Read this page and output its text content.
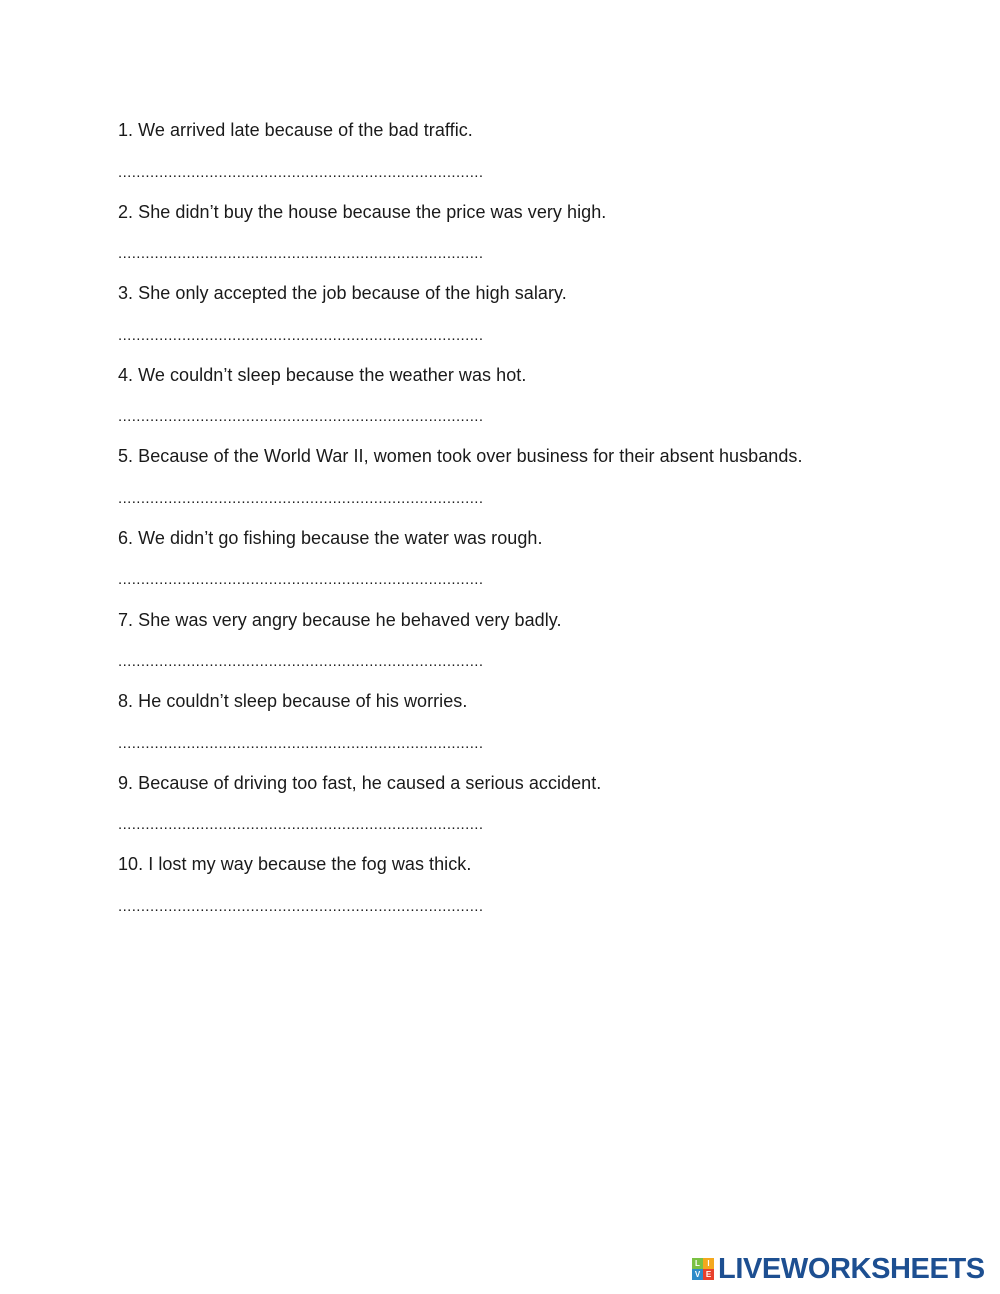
1. We arrived late because of the bad traffic.
................................................................................
2. She didn’t buy the house because the price was very high.
................................................................................
3. She only accepted the job because of the high salary.
................................................................................
4. We couldn’t sleep because the weather was hot.
................................................................................
5. Because of the World War II, women took over business for their absent husbands.
................................................................................
6. We didn’t go fishing because the water was rough.
................................................................................
7. She was very angry because he behaved very badly.
................................................................................
8. He couldn’t sleep because of his worries.
................................................................................
9. Because of driving too fast, he caused a serious accident.
................................................................................
10. I lost my way because the fog was thick.
................................................................................
L I
V E LIVEWORKSHEETS
